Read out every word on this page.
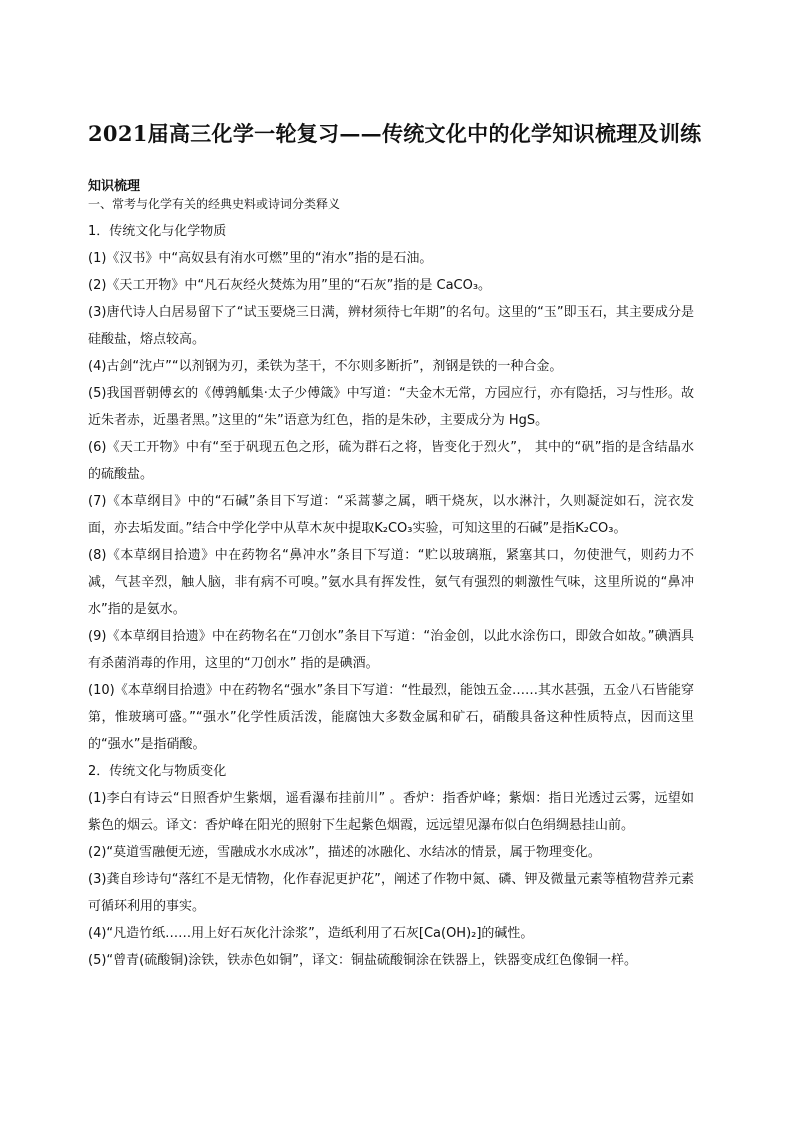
2021届高三化学一轮复习——传统文化中的化学知识梳理及训练

知识梳理

一、常考与化学有关的经典史料或诗词分类释义

1．传统文化与化学物质

(1)《汉书》中“高奴县有洧水可燃”里的“洧水”指的是石油。

(2)《天工开物》中“凡石灰经火焚炼为用”里的“石灰”指的是 CaCO₃。

(3)唐代诗人白居易留下了“试玉要烧三日满，辨材须待七年期”的名句。这里的“玉”即玉石，其主要成分是硅酸盐，熔点较高。

(4)古剑“沈卢”“以剂钢为刃，柔铁为茎干，不尔则多断折”，剂钢是铁的一种合金。

(5)我国晋朝傅玄的《傅鹑觚集·太子少傅箴》中写道：“夫金木无常，方园应行，亦有隐括，习与性形。故近朱者赤，近墨者黑。”这里的“朱”语意为红色，指的是朱砂，主要成分为 HgS。

(6)《天工开物》中有“至于矾现五色之形，硫为群石之将，皆变化于烈火”， 其中的“矾”指的是含结晶水的硫酸盐。

(7)《本草纲目》中的“石碱”条目下写道：“采蒿蓼之属，晒干烧灰，以水淋汁，久则凝淀如石，浣衣发面，亦去垢发面。”结合中学化学中从草木灰中提取K₂CO₃实验，可知这里的石碱”是指K₂CO₃。

(8)《本草纲目拾遗》中在药物名“鼻冲水”条目下写道：“贮以玻璃瓶，紧塞其口，勿使泄气，则药力不减，气甚辛烈，触人脑，非有病不可嗅。”氨水具有挥发性，氨气有强烈的刺激性气味，这里所说的“鼻冲水”指的是氨水。

(9)《本草纲目拾遗》中在药物名在“刀创水”条目下写道：“治金创，以此水涂伤口，即敛合如故。”碘酒具有杀菌消毒的作用，这里的“刀创水” 指的是碘酒。

(10)《本草纲目拾遗》中在药物名“强水”条目下写道：“性最烈，能蚀五金……其水甚强，五金八石皆能穿第，惟玻璃可盛。”“强水”化学性质活泼，能腐蚀大多数金属和矿石，硝酸具备这种性质特点，因而这里的“强水”是指硝酸。

2．传统文化与物质变化

(1)李白有诗云“日照香炉生紫烟，遥看瀑布挂前川” 。香炉：指香炉峰；紫烟：指日光透过云雾，远望如紫色的烟云。译文：香炉峰在阳光的照射下生起紫色烟霞，远远望见瀑布似白色绢绸悬挂山前。

(2)“莫道雪融便无迹，雪融成水水成冰”，描述的冰融化、水结冰的情景，属于物理变化。

(3)龚自珍诗句“落红不是无情物，化作春泥更护花”，阐述了作物中氮、磷、钾及微量元素等植物营养元素可循环利用的事实。

(4)“凡造竹纸……用上好石灰化汁涂浆”，造纸利用了石灰[Ca(OH)₂]的碱性。

(5)“曾青(硫酸铜)涂铁，铁赤色如铜”，译文：铜盐硫酸铜涂在铁器上，铁器变成红色像铜一样。
